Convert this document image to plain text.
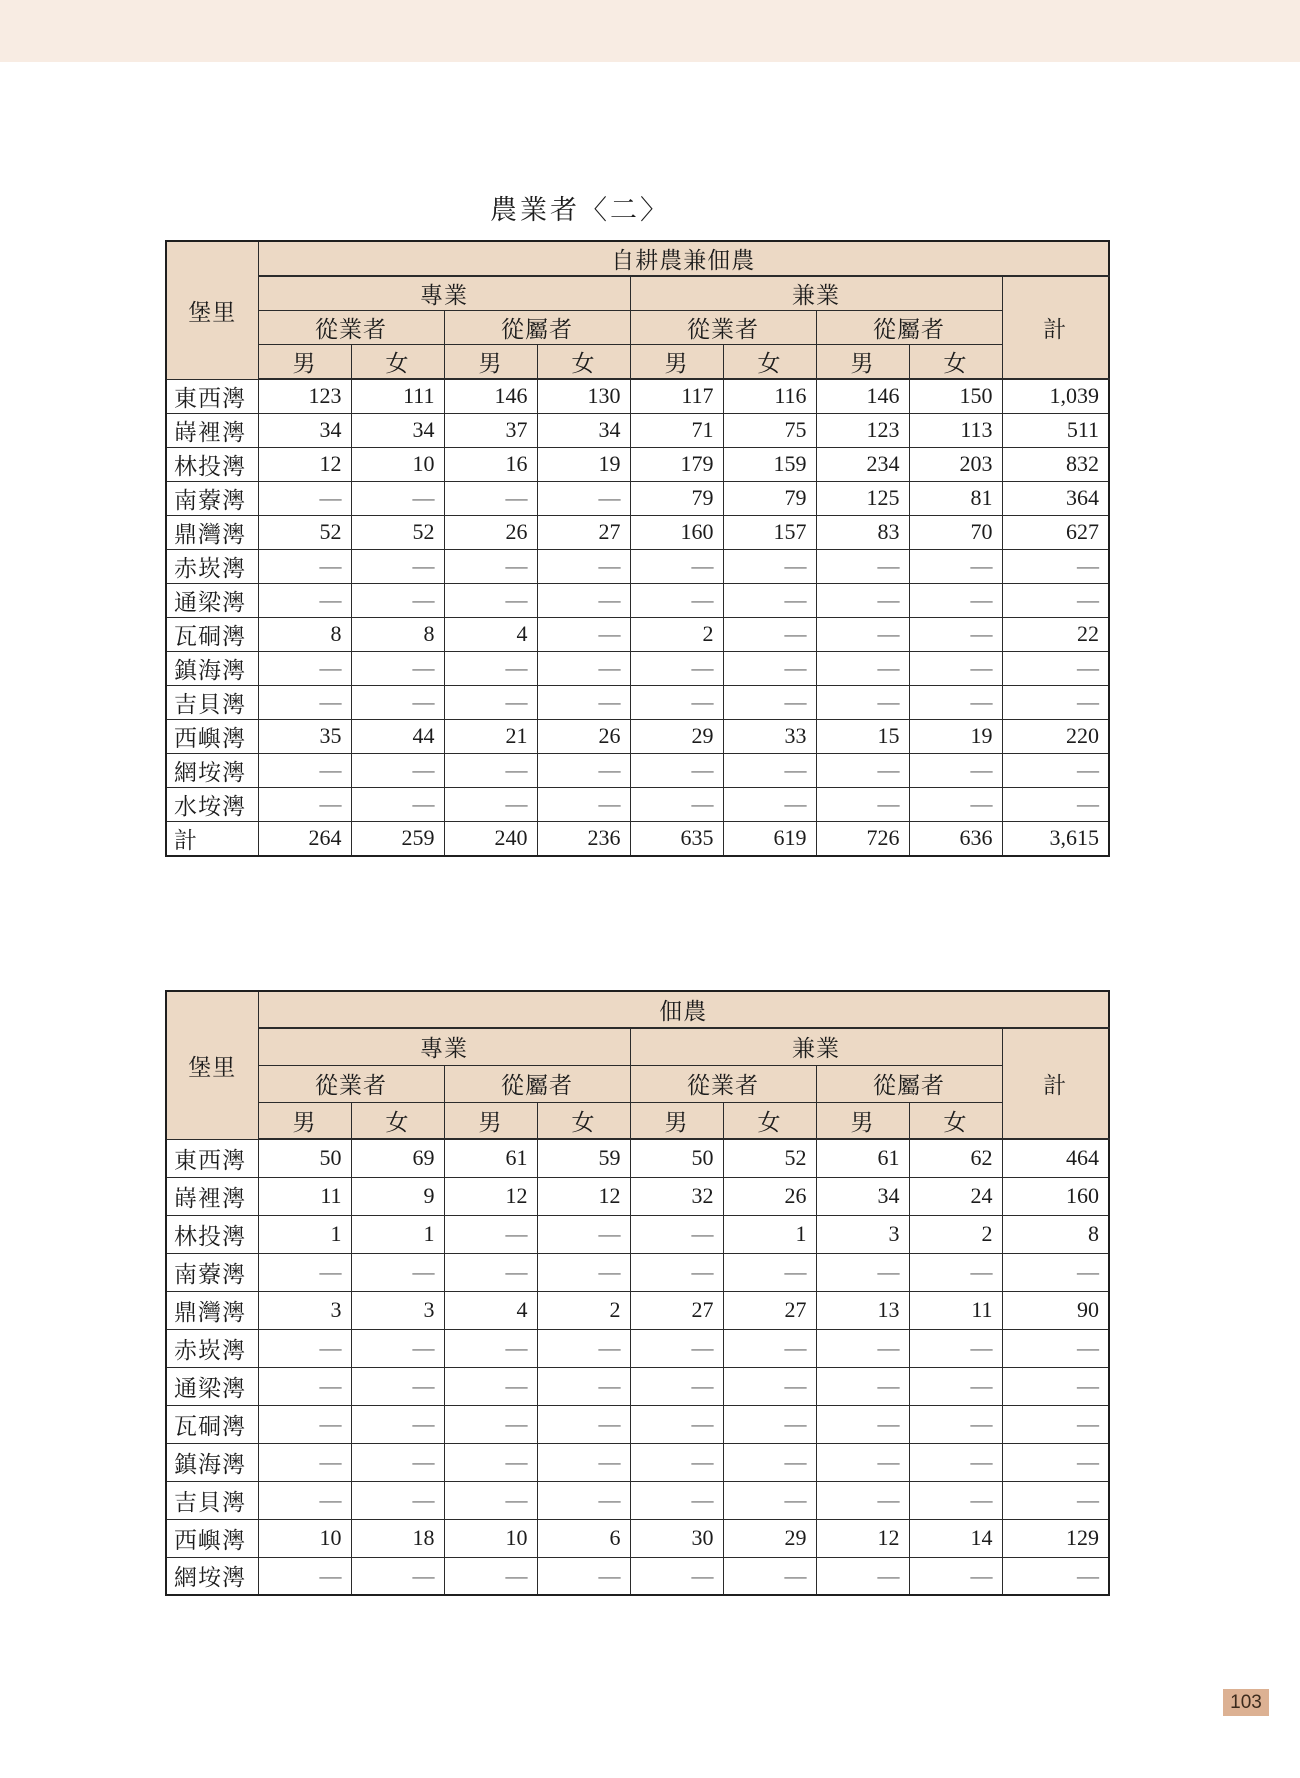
農業者〈二〉
堡里	自耕農兼佃農								
	專業				兼業				計
	從業者		從屬者		從業者		從屬者		
	男	女	男	女	男	女	男	女	
東西澚	123	111	146	130	117	116	146	150	1,039
嵵裡澚	34	34	37	34	71	75	123	113	511
林投澚	12	10	16	19	179	159	234	203	832
南藔澚	—	—	—	—	79	79	125	81	364
鼎灣澚	52	52	26	27	160	157	83	70	627
赤崁澚	—	—	—	—	—	—	—	—	—
通梁澚	—	—	—	—	—	—	—	—	—
瓦硐澚	8	8	4	—	2	—	—	—	22
鎮海澚	—	—	—	—	—	—	—	—	—
吉貝澚	—	—	—	—	—	—	—	—	—
西嶼澚	35	44	21	26	29	33	15	19	220
網垵澚	—	—	—	—	—	—	—	—	—
水垵澚	—	—	—	—	—	—	—	—	—
計	264	259	240	236	635	619	726	636	3,615
堡里	佃農								
	專業				兼業				計
	從業者		從屬者		從業者		從屬者		
	男	女	男	女	男	女	男	女	
東西澚	50	69	61	59	50	52	61	62	464
嵵裡澚	11	9	12	12	32	26	34	24	160
林投澚	1	1	—	—	—	1	3	2	8
南藔澚	—	—	—	—	—	—	—	—	—
鼎灣澚	3	3	4	2	27	27	13	11	90
赤崁澚	—	—	—	—	—	—	—	—	—
通梁澚	—	—	—	—	—	—	—	—	—
瓦硐澚	—	—	—	—	—	—	—	—	—
鎮海澚	—	—	—	—	—	—	—	—	—
吉貝澚	—	—	—	—	—	—	—	—	—
西嶼澚	10	18	10	6	30	29	12	14	129
網垵澚	—	—	—	—	—	—	—	—	—
103
